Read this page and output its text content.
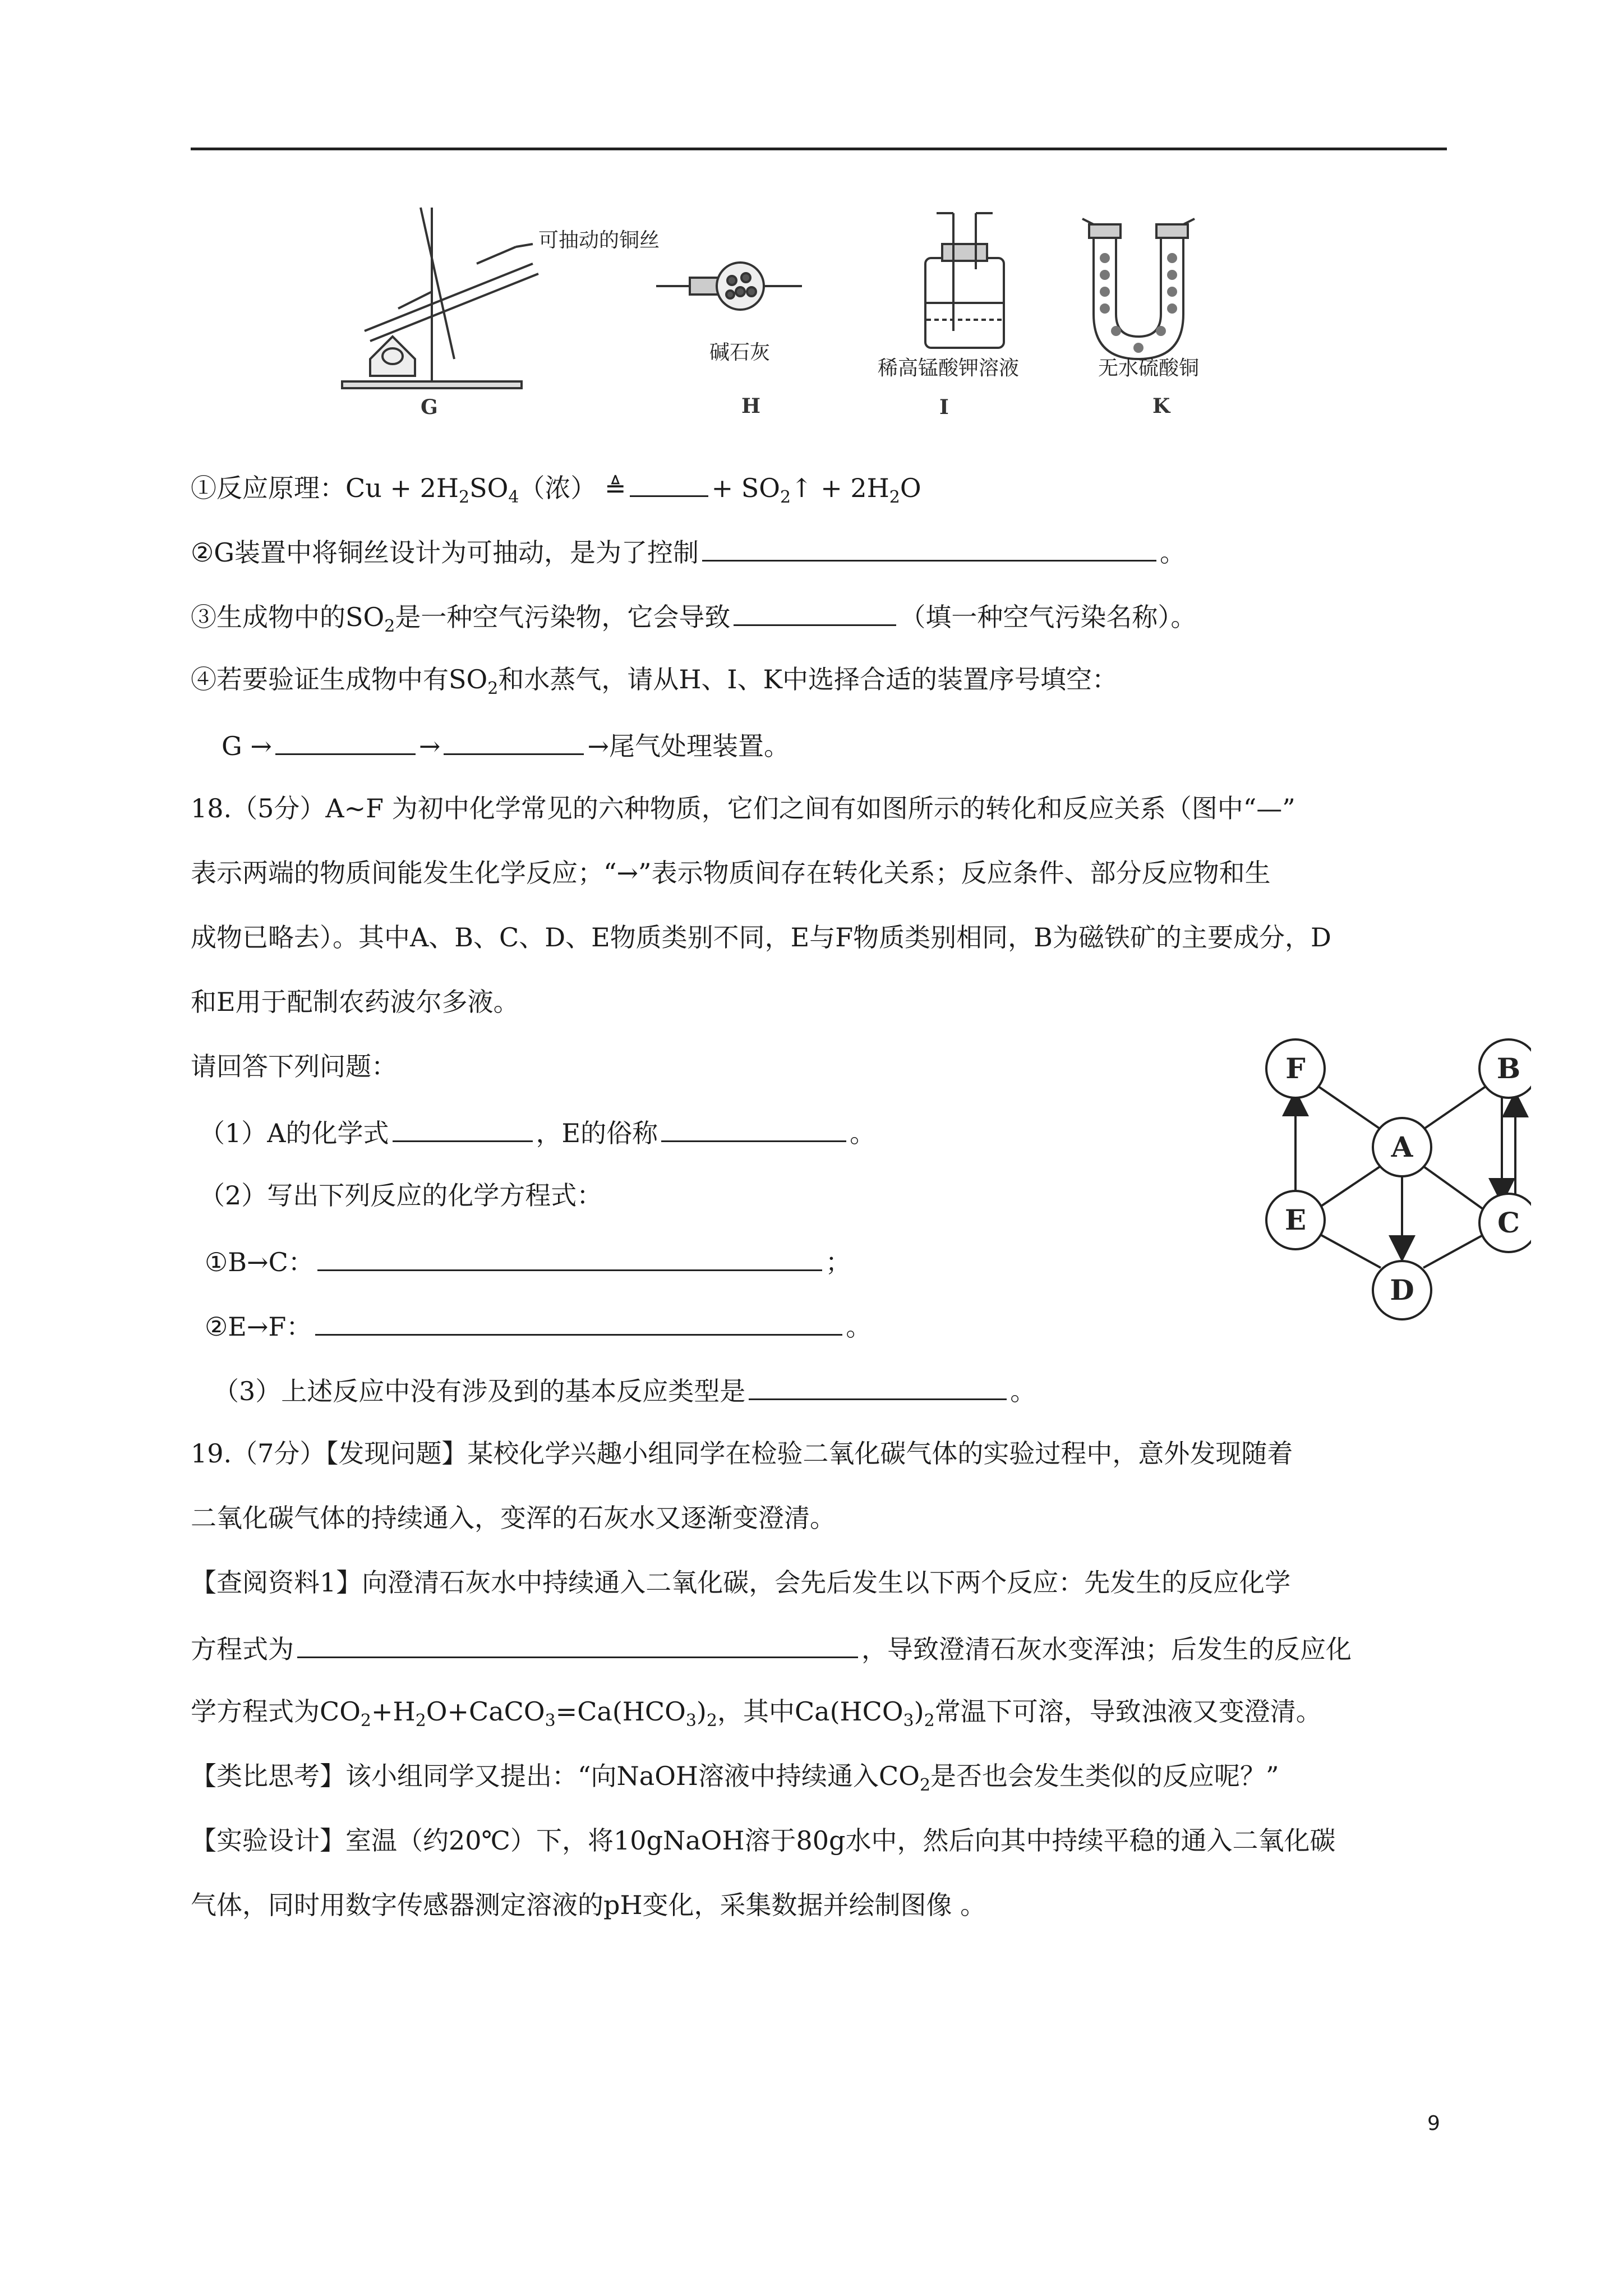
可抽动的铜丝
碱石灰
稀高锰酸钾溶液	无水硫酸铜
G	H	I	K
①反应原理：$Cu + 2H_2SO_4$（浓） ≜	+ $SO_2↑ + 2H_2O$
②G装置中将铜丝设计为可抽动，是为了控制	。
③生成物中的$SO_2$是一种空气污染物，它会导致	（填一种空气污染名称）。
④若要验证生成物中有$SO_2$和水蒸气，请从H、I、K中选择合适的装置序号填空：
G →	→	→尾气处理装置。
18.（5分）A~F 为初中化学常见的六种物质，它们之间有如图所示的转化和反应关系（图中“—”
表示两端的物质间能发生化学反应；“→”表示物质间存在转化关系；反应条件、部分反应物和生
成物已略去）。其中A、B、C、D、E物质类别不同，E与F物质类别相同，B为磁铁矿的主要成分，D
和E用于配制农药波尔多液。
请回答下列问题：
（1）A的化学式	，E的俗称	。
（2）写出下列反应的化学方程式：
①B→C：	；
②E→F：	。
（3）上述反应中没有涉及到的基本反应类型是	。
F	B
A
E	C
D
19.（7分）【发现问题】某校化学兴趣小组同学在检验二氧化碳气体的实验过程中，意外发现随着
二氧化碳气体的持续通入，变浑的石灰水又逐渐变澄清。
【查阅资料1】向澄清石灰水中持续通入二氧化碳，会先后发生以下两个反应：先发生的反应化学
方程式为	，导致澄清石灰水变浑浊；后发生的反应化
学方程式为$CO_2+H_2O+CaCO_3=Ca(HCO_3)_2$，其中$Ca(HCO_3)_2$常温下可溶，导致浊液又变澄清。
【类比思考】该小组同学又提出：“向NaOH溶液中持续通入$CO_2$是否也会发生类似的反应呢？”
【实验设计】室温（约20℃）下，将10gNaOH溶于80g水中，然后向其中持续平稳的通入二氧化碳
气体，同时用数字传感器测定溶液的pH变化，采集数据并绘制图像 。
9
